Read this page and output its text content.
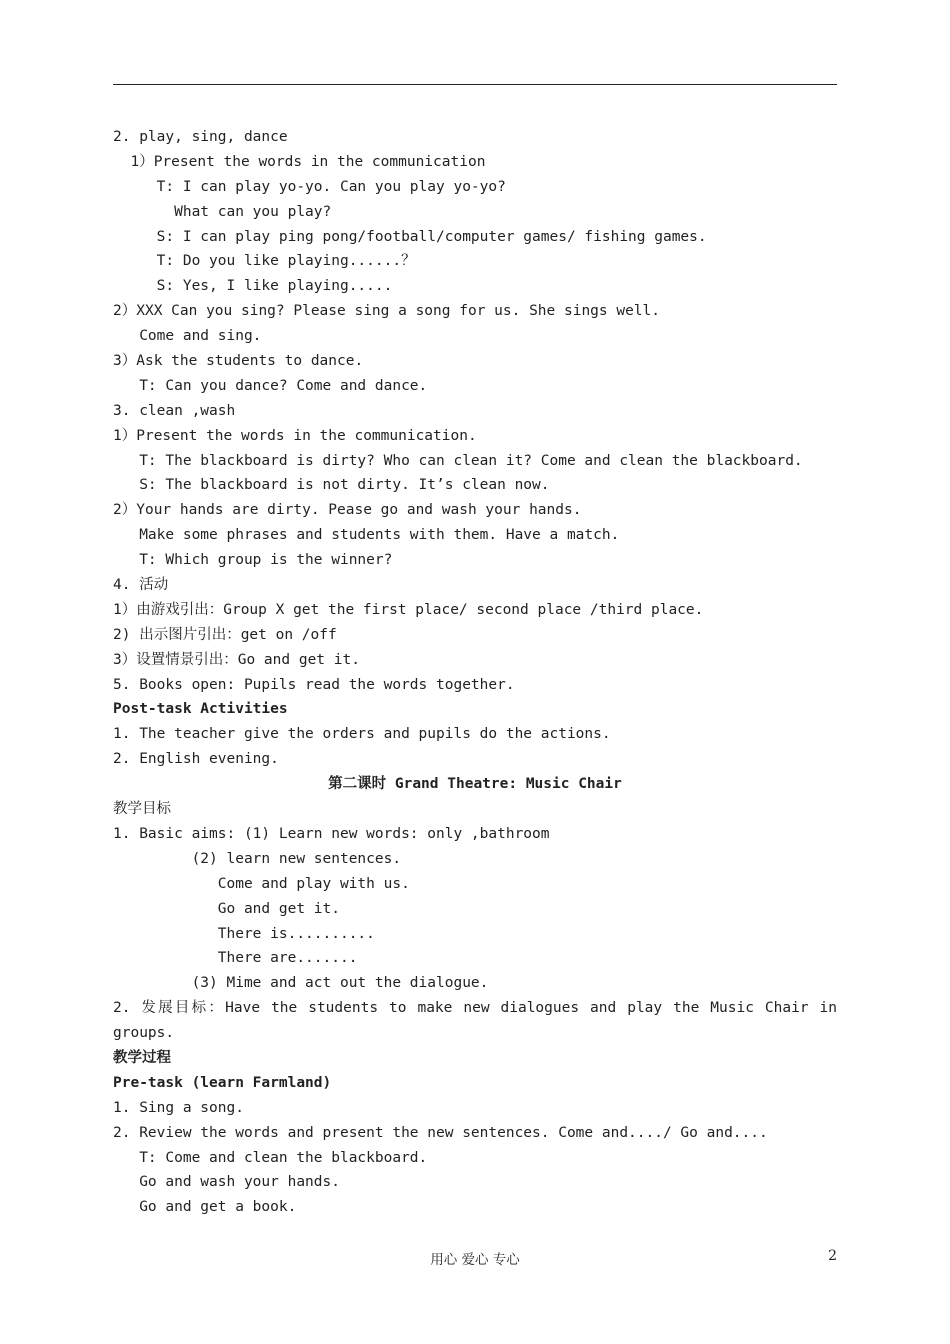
2. play, sing, dance
1）Present the words in the communication
T: I can play yo-yo. Can you play yo-yo?
What can you play?
S: I can play ping pong/football/computer games/ fishing games.
T: Do you like playing......？
S: Yes, I like playing.....
2）XXX Can you sing? Please sing a song for us. She sings well.
Come and sing.
3）Ask the students to dance.
T: Can you dance? Come and dance.
3. clean ,wash
1）Present the words in the communication.
T: The blackboard is dirty? Who can clean it? Come and clean the blackboard.
S: The blackboard is not dirty. It’s clean now.
2）Your hands are dirty. Pease go and wash your hands.
Make some phrases and students with them. Have a match.
T: Which group is the winner?
4. 活动
1）由游戏引出：Group X get the first place/ second place /third place.
2) 出示图片引出：get on /off
3）设置情景引出：Go and get it.
5. Books open: Pupils read the words together.
Post-task Activities
1. The teacher give the orders and pupils do the actions.
2. English evening.
第二课时 Grand Theatre: Music Chair
教学目标
1. Basic aims: (1) Learn new words: only ,bathroom
(2) learn new sentences.
Come and play with us.
Go and get it.
There is..........
There are.......
(3) Mime and act out the dialogue.
2. 发展目标：Have the students to make new dialogues and play the Music Chair in
groups.
教学过程
Pre-task (learn Farmland)
1. Sing a song.
2. Review the words and present the new sentences. Come and..../ Go and....
T: Come and clean the blackboard.
Go and wash your hands.
Go and get a book.
用心 爱心 专心	2
